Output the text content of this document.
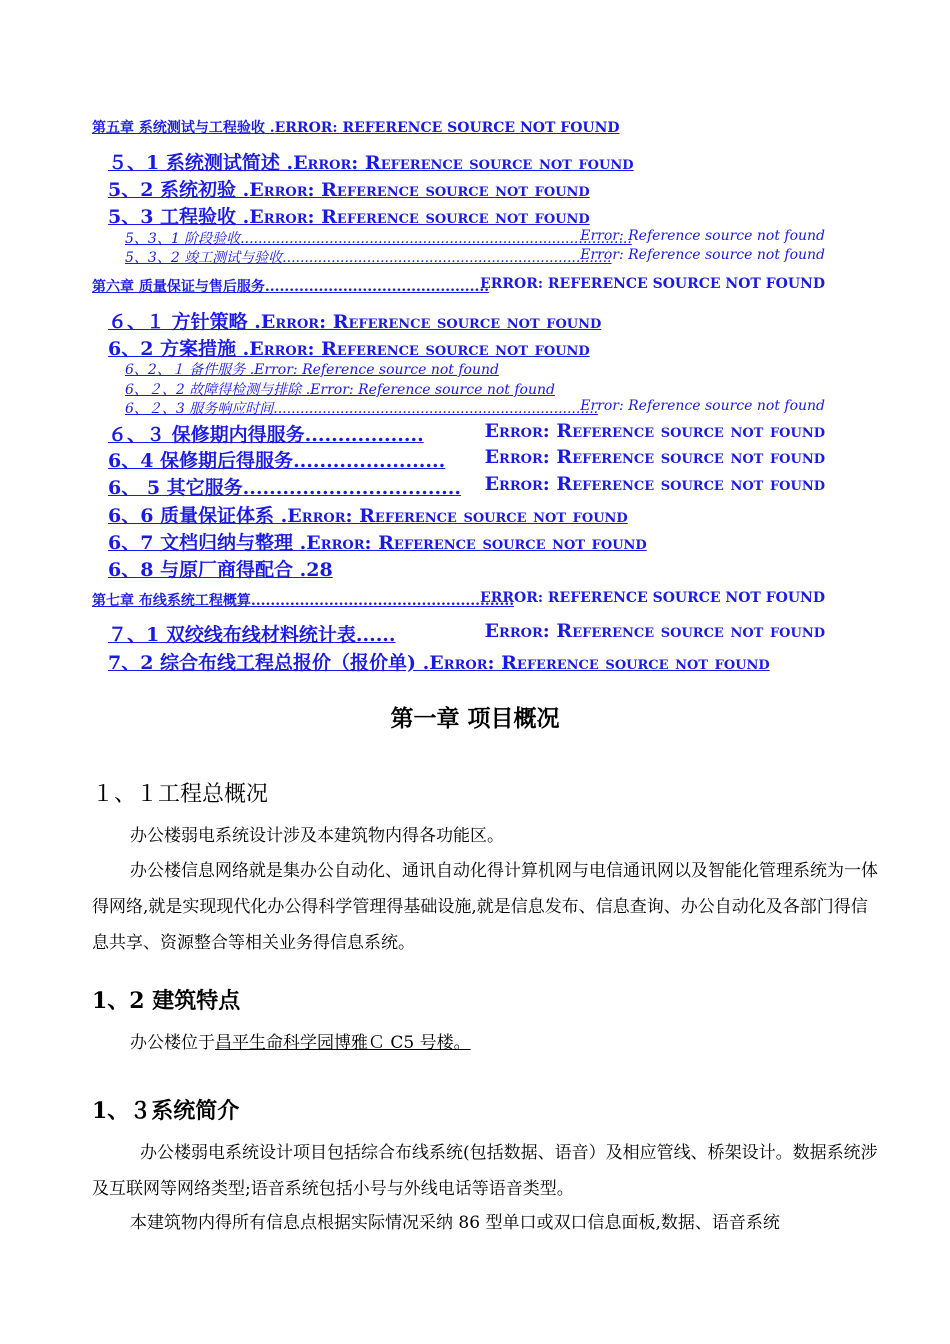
第五章 系统测试与工程验收 .ERROR: REFERENCE SOURCE NOT FOUND
５、1 系统测试简述 .Error: Reference source not found
5、2 系统初验 .Error: Reference source not found
5、3 工程验收 .Error: Reference source not found
5、3、1 阶段验收........................................................................................
Error: Reference source not found
5、3、2 竣工测试与验收..........................................................................
Error: Reference source not found
第六章 质量保证与售后服务..............................................
ERROR: REFERENCE SOURCE NOT FOUND
６、１ 方针策略 .Error: Reference source not found
6、2 方案措施 .Error: Reference source not found
6、2、１ 备件服务 .Error: Reference source not found
6、２、2 故障得检测与排除 .Error: Reference source not found
6、２、3 服务响应时间.........................................................................
Error: Reference source not found
６、３ 保修期内得服务..................	Error: Reference source not found
6、4 保修期后得服务....................... Error: Reference source not found
6、 5 其它服务................................. Error: Reference source not found
6、6 质量保证体系 .Error: Reference source not found
6、7 文档归纳与整理 .Error: Reference source not found
6、8 与原厂商得配合 .28
第七章 布线系统工程概算......................................................
ERROR: REFERENCE SOURCE NOT FOUND
７、1 双绞线布线材料统计表......	Error: Reference source not found
7、2 综合布线工程总报价（报价单) .Error: Reference source not found
第一章 项目概况
１、１工程总概况
办公楼弱电系统设计涉及本建筑物内得各功能区。
办公楼信息网络就是集办公自动化、通讯自动化得计算机网与电信通讯网以及智能化管理系统为一体得网络,就是实现现代化办公得科学管理得基础设施,就是信息发布、信息查询、办公自动化及各部门得信息共享、资源整合等相关业务得信息系统。
1、2 建筑特点
办公楼位于昌平生命科学园博雅Ｃ C5 号楼。
1、３系统简介
办公楼弱电系统设计项目包括综合布线系统(包括数据、语音）及相应管线、桥架设计。数据系统涉及互联网等网络类型;语音系统包括小号与外线电话等语音类型。
本建筑物内得所有信息点根据实际情况采纳 86 型单口或双口信息面板,数据、语音系统
